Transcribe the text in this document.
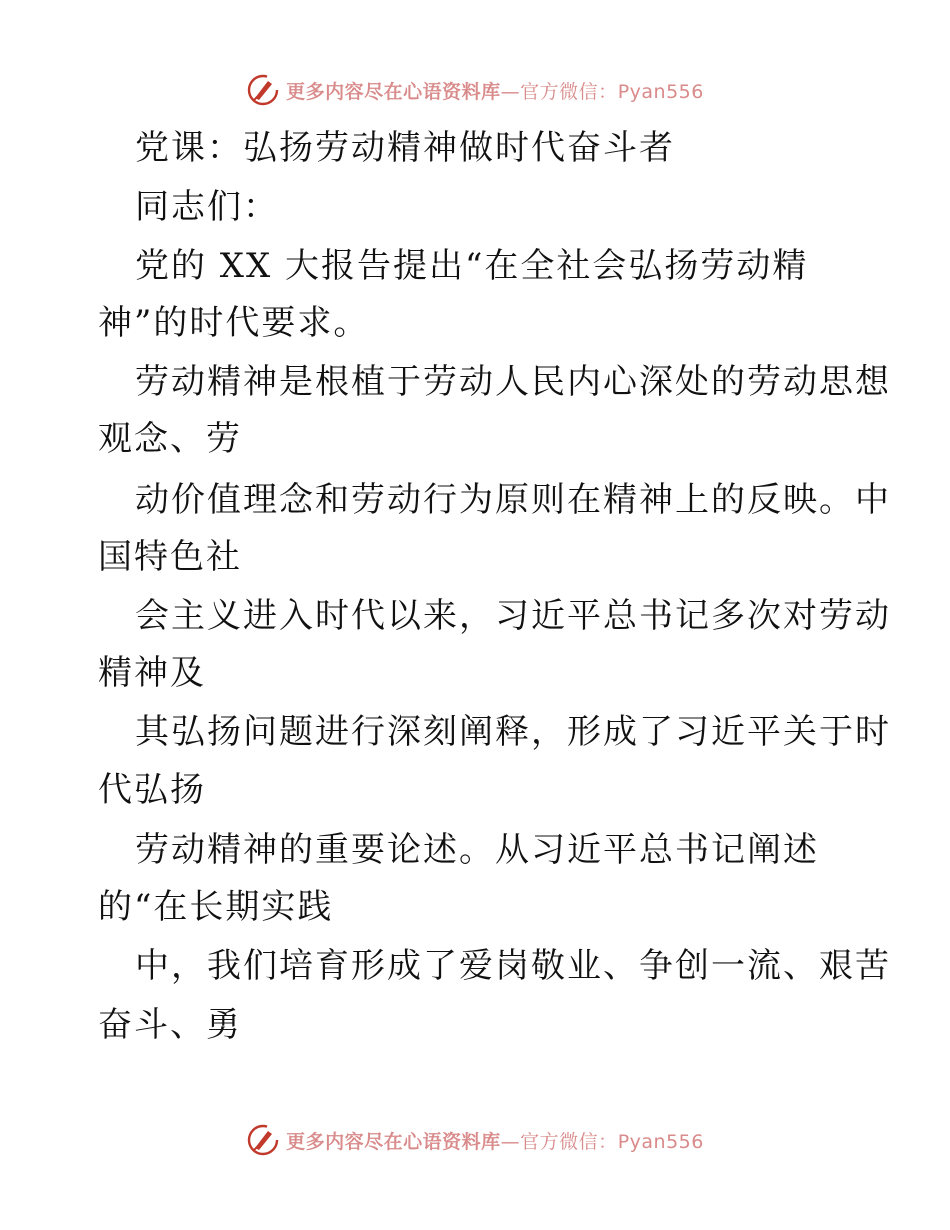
更多内容尽在心语资料库—官方微信：Pyan556
党课：弘扬劳动精神做时代奋斗者
同志们：
党的 XX 大报告提出“在全社会弘扬劳动精
神”的时代要求。
劳动精神是根植于劳动人民内心深处的劳动思想
观念、劳
动价值理念和劳动行为原则在精神上的反映。中
国特色社
会主义进入时代以来，习近平总书记多次对劳动
精神及
其弘扬问题进行深刻阐释，形成了习近平关于时
代弘扬
劳动精神的重要论述。从习近平总书记阐述
的“在长期实践
中，我们培育形成了爱岗敬业、争创一流、艰苦
奋斗、勇
更多内容尽在心语资料库—官方微信：Pyan556
